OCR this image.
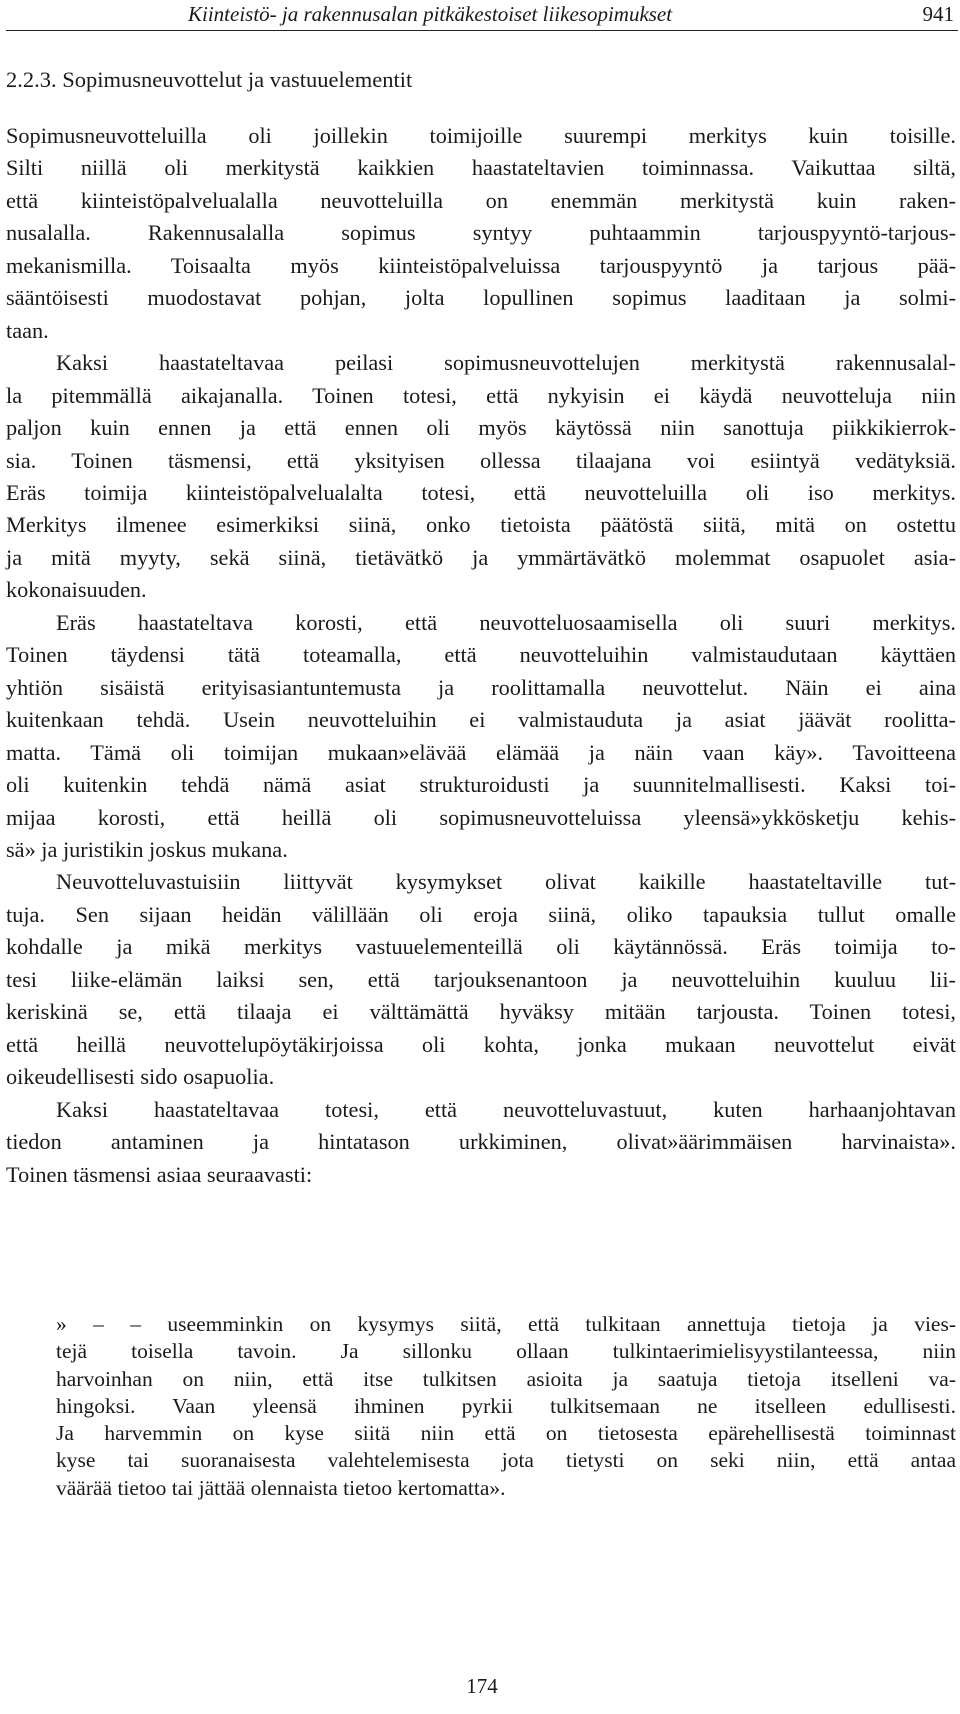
Kiinteistö- ja rakennusalan pitkäkestoiset liikesopimukset	941
2.2.3. Sopimusneuvottelut ja vastuuelementit

Sopimusneuvotteluilla oli joillekin toimijoille suurempi merkitys kuin toisille.
Silti niillä oli merkitystä kaikkien haastateltavien toiminnassa. Vaikuttaa siltä,
että kiinteistöpalvelualalla neuvotteluilla on enemmän merkitystä kuin raken-
nusalalla. Rakennusalalla sopimus syntyy puhtaammin tarjouspyyntö-tarjous-
mekanismilla. Toisaalta myös kiinteistöpalveluissa tarjouspyyntö ja tarjous pää-
sääntöisesti muodostavat pohjan, jolta lopullinen sopimus laaditaan ja solmi-
taan.

Kaksi haastateltavaa peilasi sopimusneuvottelujen merkitystä rakennusalal-
la pitemmällä aikajanalla. Toinen totesi, että nykyisin ei käydä neuvotteluja niin
paljon kuin ennen ja että ennen oli myös käytössä niin sanottuja piikkikierrok-
sia. Toinen täsmensi, että yksityisen ollessa tilaajana voi esiintyä vedätyksiä.
Eräs toimija kiinteistöpalvelualalta totesi, että neuvotteluilla oli iso merkitys.
Merkitys ilmenee esimerkiksi siinä, onko tietoista päätöstä siitä, mitä on ostettu
ja mitä myyty, sekä siinä, tietävätkö ja ymmärtävätkö molemmat osapuolet asia-
kokonaisuuden.

Eräs haastateltava korosti, että neuvotteluosaamisella oli suuri merkitys.
Toinen täydensi tätä toteamalla, että neuvotteluihin valmistaudutaan käyttäen
yhtiön sisäistä erityisasiantuntemusta ja roolittamalla neuvottelut. Näin ei aina
kuitenkaan tehdä. Usein neuvotteluihin ei valmistauduta ja asiat jäävät roolitta-
matta. Tämä oli toimijan mukaan»elävää elämää ja näin vaan käy». Tavoitteena
oli kuitenkin tehdä nämä asiat strukturoidusti ja suunnitelmallisesti. Kaksi toi-
mijaa korosti, että heillä oli sopimusneuvotteluissa yleensä»ykkösketju kehis-
sä» ja juristikin joskus mukana.

Neuvotteluvastuisiin liittyvät kysymykset olivat kaikille haastateltaville tut-
tuja. Sen sijaan heidän välillään oli eroja siinä, oliko tapauksia tullut omalle
kohdalle ja mikä merkitys vastuuelementeillä oli käytännössä. Eräs toimija to-
tesi liike-elämän laiksi sen, että tarjouksenantoon ja neuvotteluihin kuuluu lii-
keriskinä se, että tilaaja ei välttämättä hyväksy mitään tarjousta. Toinen totesi,
että heillä neuvottelupöytäkirjoissa oli kohta, jonka mukaan neuvottelut eivät
oikeudellisesti sido osapuolia.

Kaksi haastateltavaa totesi, että neuvotteluvastuut, kuten harhaanjohtavan
tiedon antaminen ja hintatason urkkiminen, olivat»äärimmäisen harvinaista».
Toinen täsmensi asiaa seuraavasti:

» – – useemminkin on kysymys siitä, että tulkitaan annettuja tietoja ja vies-
tejä toisella tavoin. Ja sillonku ollaan tulkintaerimielisyystilanteessa, niin
harvoinhan on niin, että itse tulkitsen asioita ja saatuja tietoja itselleni va-
hingoksi. Vaan yleensä ihminen pyrkii tulkitsemaan ne itselleen edullisesti.
Ja harvemmin on kyse siitä niin että on tietosesta epärehellisestä toiminnast
kyse tai suoranaisesta valehtelemisesta jota tietysti on seki niin, että antaa
väärää tietoo tai jättää olennaista tietoo kertomatta».
174
